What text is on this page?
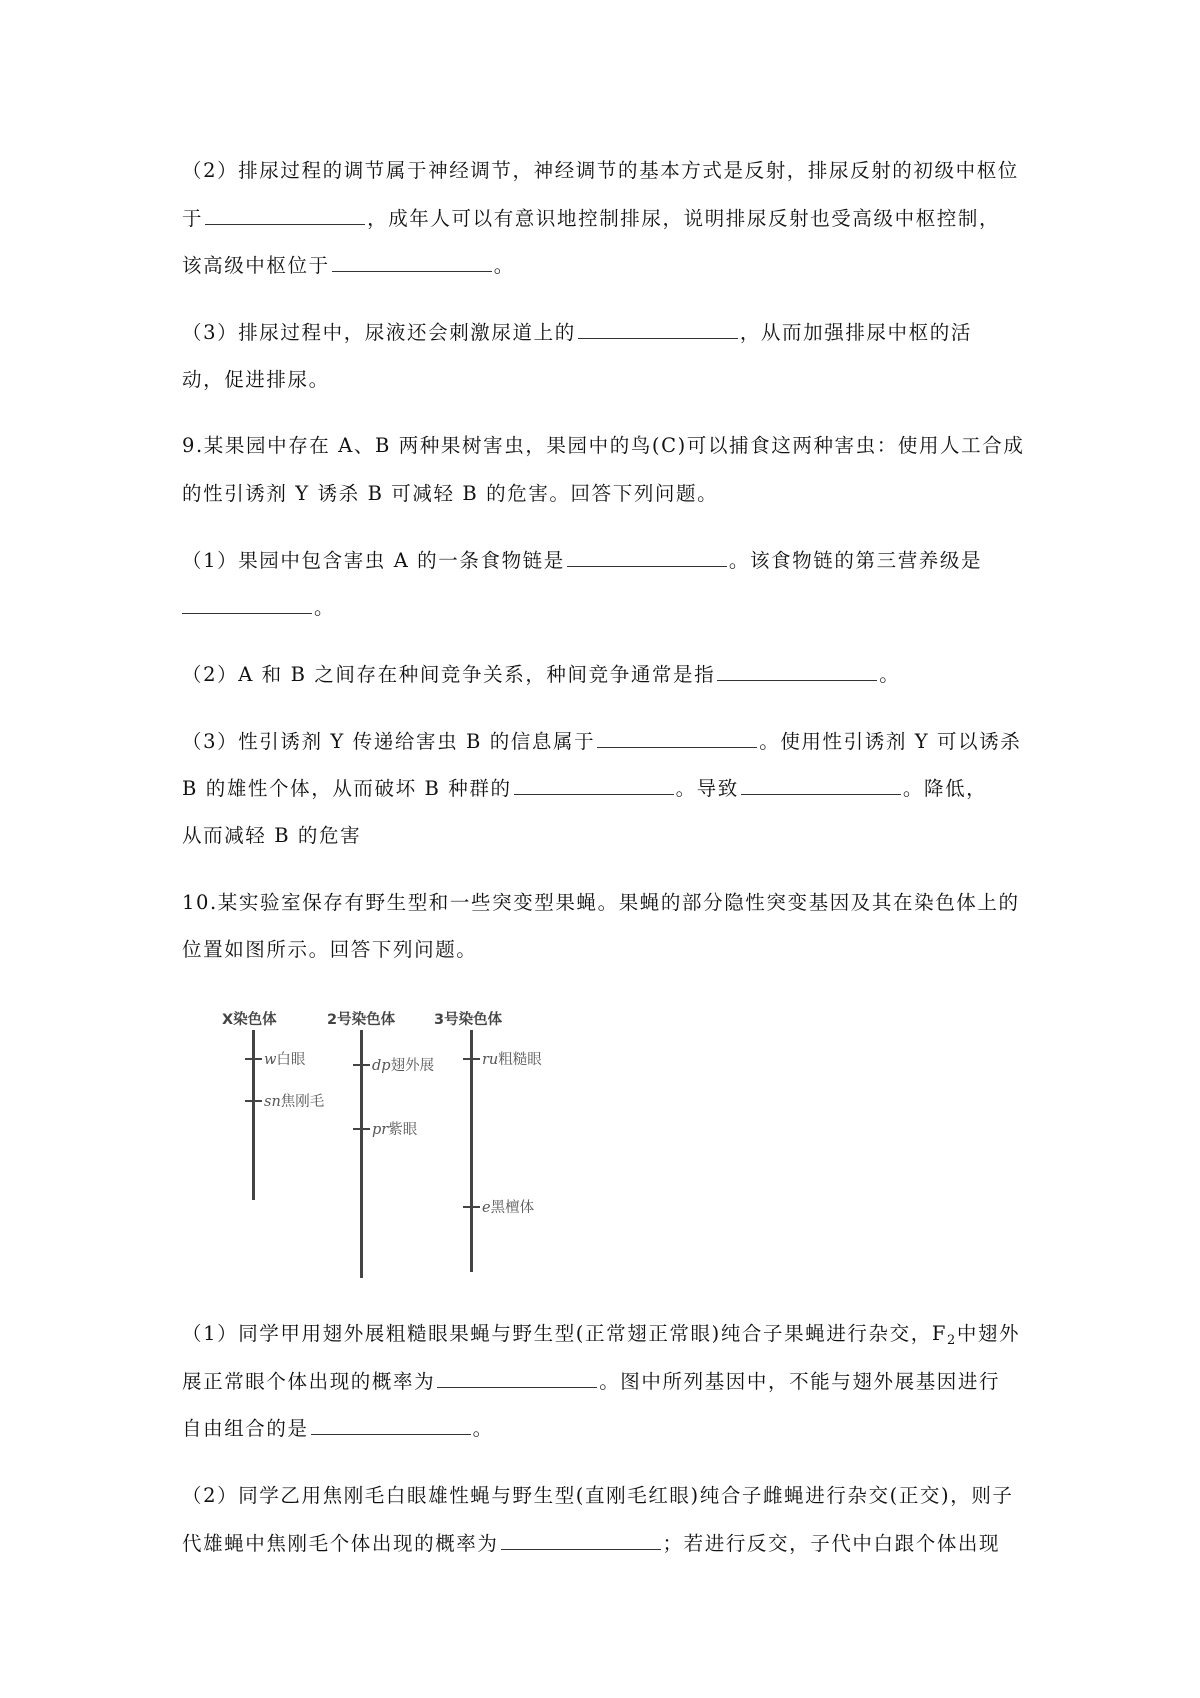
（2）排尿过程的调节属于神经调节，神经调节的基本方式是反射，排尿反射的初级中枢位

于	，成年人可以有意识地控制排尿，说明排尿反射也受高级中枢控制，

该高级中枢位于	。

（3）排尿过程中，尿液还会刺激尿道上的	，从而加强排尿中枢的活

动，促进排尿。

9.某果园中存在 A、B 两种果树害虫，果园中的鸟(C)可以捕食这两种害虫：使用人工合成

的性引诱剂 Y 诱杀 B 可减轻 B 的危害。回答下列问题。

（1）果园中包含害虫 A 的一条食物链是	。该食物链的第三营养级是

。

（2）A 和 B 之间存在种间竞争关系，种间竞争通常是指	。

（3）性引诱剂 Y 传递给害虫 B 的信息属于	。使用性引诱剂 Y 可以诱杀

B 的雄性个体，从而破坏 B 种群的	。导致	。降低，

从而减轻 B 的危害

10.某实验室保存有野生型和一些突变型果蝇。果蝇的部分隐性突变基因及其在染色体上的

位置如图所示。回答下列问题。

X染色体
w白眼
sn焦刚毛
2号染色体
dp翅外展
pr紫眼
3号染色体
ru粗糙眼
e黑檀体

（1）同学甲用翅外展粗糙眼果蝇与野生型(正常翅正常眼)纯合子果蝇进行杂交，$F_2$中翅外

展正常眼个体出现的概率为	。图中所列基因中，不能与翅外展基因进行

自由组合的是	。

（2）同学乙用焦刚毛白眼雄性蝇与野生型(直刚毛红眼)纯合子雌蝇进行杂交(正交)，则子

代雄蝇中焦刚毛个体出现的概率为	；若进行反交，子代中白跟个体出现
